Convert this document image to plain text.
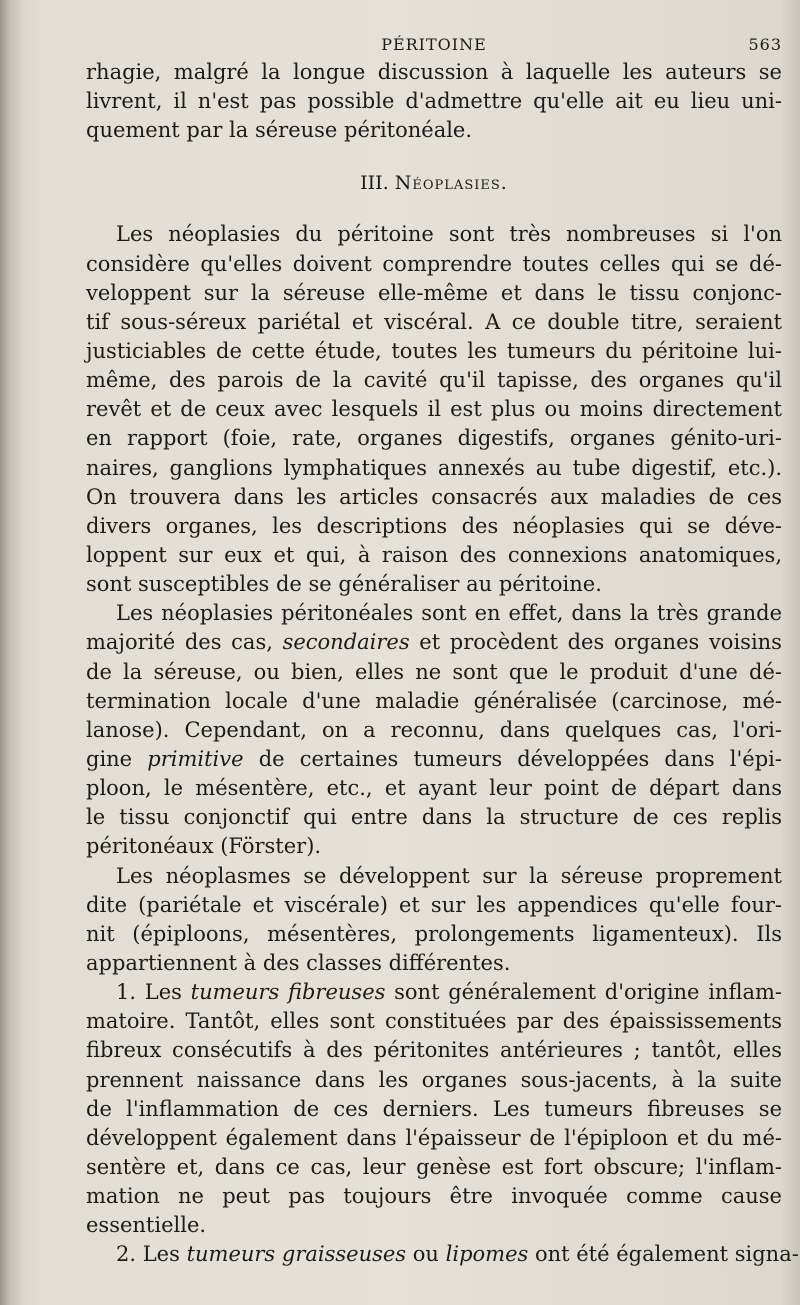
PÉRITOINE	563
rhagie, malgré la longue discussion à laquelle les auteurs se
livrent, il n'est pas possible d'admettre qu'elle ait eu lieu uni-
quement par la séreuse péritonéale.
III. Néoplasies.
Les néoplasies du péritoine sont très nombreuses si l'on
considère qu'elles doivent comprendre toutes celles qui se dé-
veloppent sur la séreuse elle-même et dans le tissu conjonc-
tif sous-séreux pariétal et viscéral. A ce double titre, seraient
justiciables de cette étude, toutes les tumeurs du péritoine lui-
même, des parois de la cavité qu'il tapisse, des organes qu'il
revêt et de ceux avec lesquels il est plus ou moins directement
en rapport (foie, rate, organes digestifs, organes génito-uri-
naires, ganglions lymphatiques annexés au tube digestif, etc.).
On trouvera dans les articles consacrés aux maladies de ces
divers organes, les descriptions des néoplasies qui se déve-
loppent sur eux et qui, à raison des connexions anatomiques,
sont susceptibles de se généraliser au péritoine.
Les néoplasies péritonéales sont en effet, dans la très grande
majorité des cas, secondaires et procèdent des organes voisins
de la séreuse, ou bien, elles ne sont que le produit d'une dé-
termination locale d'une maladie généralisée (carcinose, mé-
lanose). Cependant, on a reconnu, dans quelques cas, l'ori-
gine primitive de certaines tumeurs développées dans l'épi-
ploon, le mésentère, etc., et ayant leur point de départ dans
le tissu conjonctif qui entre dans la structure de ces replis
péritonéaux (Förster).
Les néoplasmes se développent sur la séreuse proprement
dite (pariétale et viscérale) et sur les appendices qu'elle four-
nit (épiploons, mésentères, prolongements ligamenteux). Ils
appartiennent à des classes différentes.
1. Les tumeurs fibreuses sont généralement d'origine inflam-
matoire. Tantôt, elles sont constituées par des épaississements
fibreux consécutifs à des péritonites antérieures ; tantôt, elles
prennent naissance dans les organes sous-jacents, à la suite
de l'inflammation de ces derniers. Les tumeurs fibreuses se
développent également dans l'épaisseur de l'épiploon et du mé-
sentère et, dans ce cas, leur genèse est fort obscure; l'inflam-
mation ne peut pas toujours être invoquée comme cause
essentielle.
2. Les tumeurs graisseuses ou lipomes ont été également signa-
